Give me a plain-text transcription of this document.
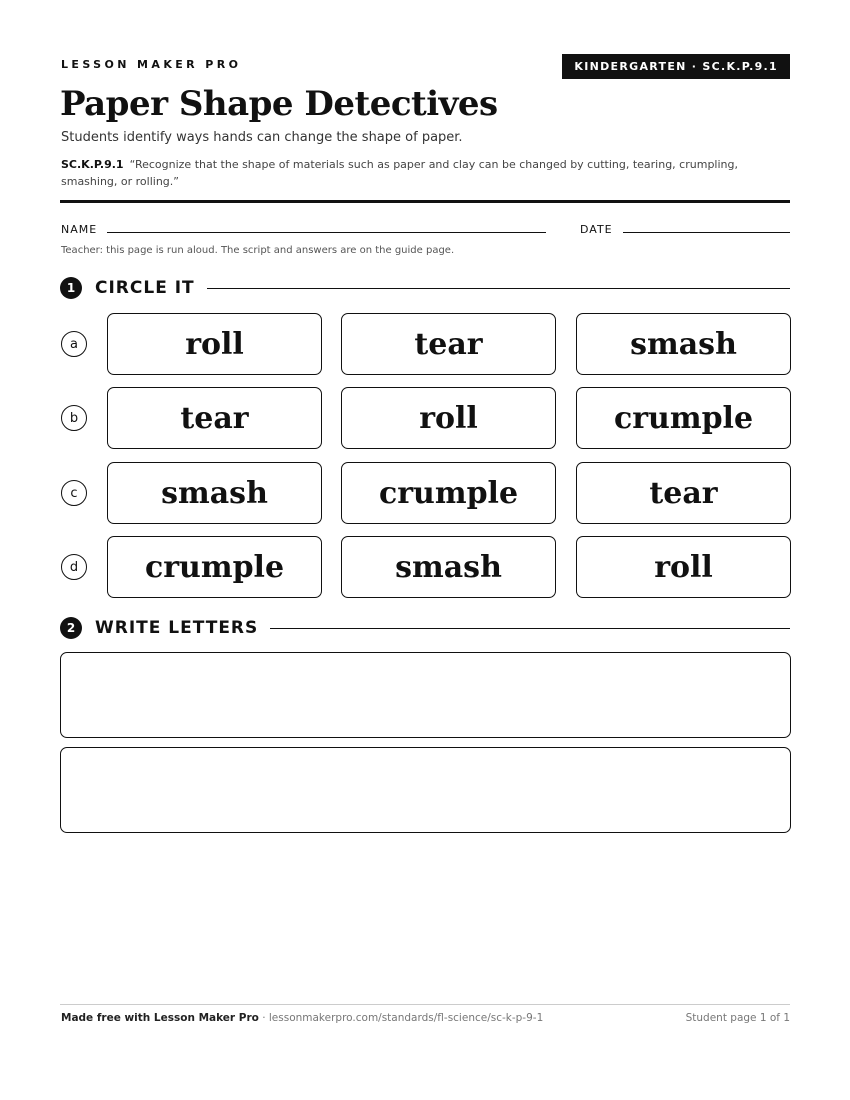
LESSON MAKER PRO	KINDERGARTEN · SC.K.P.9.1
Paper Shape Detectives
Students identify ways hands can change the shape of paper.
SC.K.P.9.1 “Recognize that the shape of materials such as paper and clay can be changed by cutting, tearing, crumpling, smashing, or rolling.”
NAME	DATE
Teacher: this page is run aloud. The script and answers are on the guide page.
1	CIRCLE IT
a	roll	tear	smash
b	tear	roll	crumple
c	smash	crumple	tear
d	crumple	smash	roll
2	WRITE LETTERS
Made free with Lesson Maker Pro · lessonmakerpro.com/standards/fl-science/sc-k-p-9-1	Student page 1 of 1
